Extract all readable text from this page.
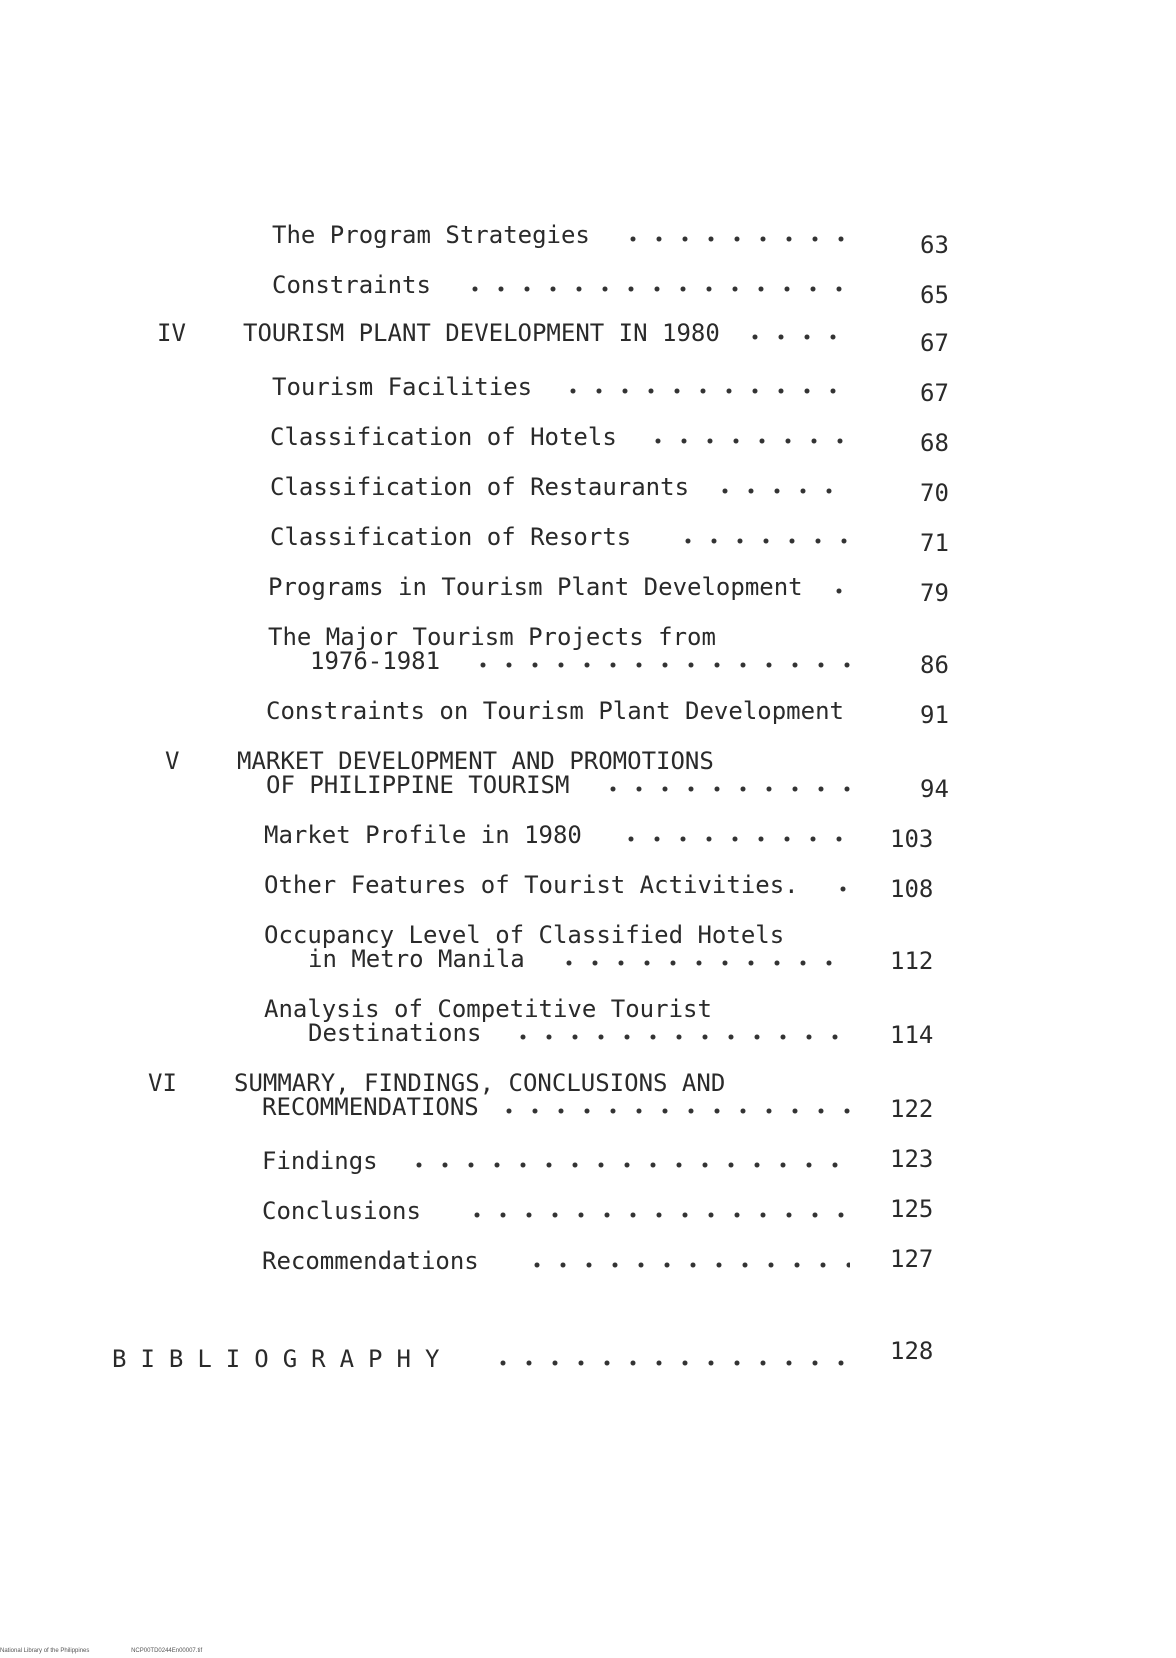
The Program Strategies	63
Constraints	65
IV TOURISM PLANT DEVELOPMENT IN 1980	67
Tourism Facilities	67
Classification of Hotels	68
Classification of Restaurants	70
Classification of Resorts	71
Programs in Tourism Plant Development	79
The Major Tourism Projects from
1976-1981	86
Constraints on Tourism Plant Development	91
V MARKET DEVELOPMENT AND PROMOTIONS
OF PHILIPPINE TOURISM	94
Market Profile in 1980	103
Other Features of Tourist Activities.	108
Occupancy Level of Classified Hotels
in Metro Manila	112
Analysis of Competitive Tourist
Destinations	114
VI SUMMARY, FINDINGS, CONCLUSIONS AND
RECOMMENDATIONS	122
Findings	123
Conclusions	125
Recommendations	127
BIBLIOGRAPHY	128
National Library of the Philippines	NCP00TD0244En00007.tif
